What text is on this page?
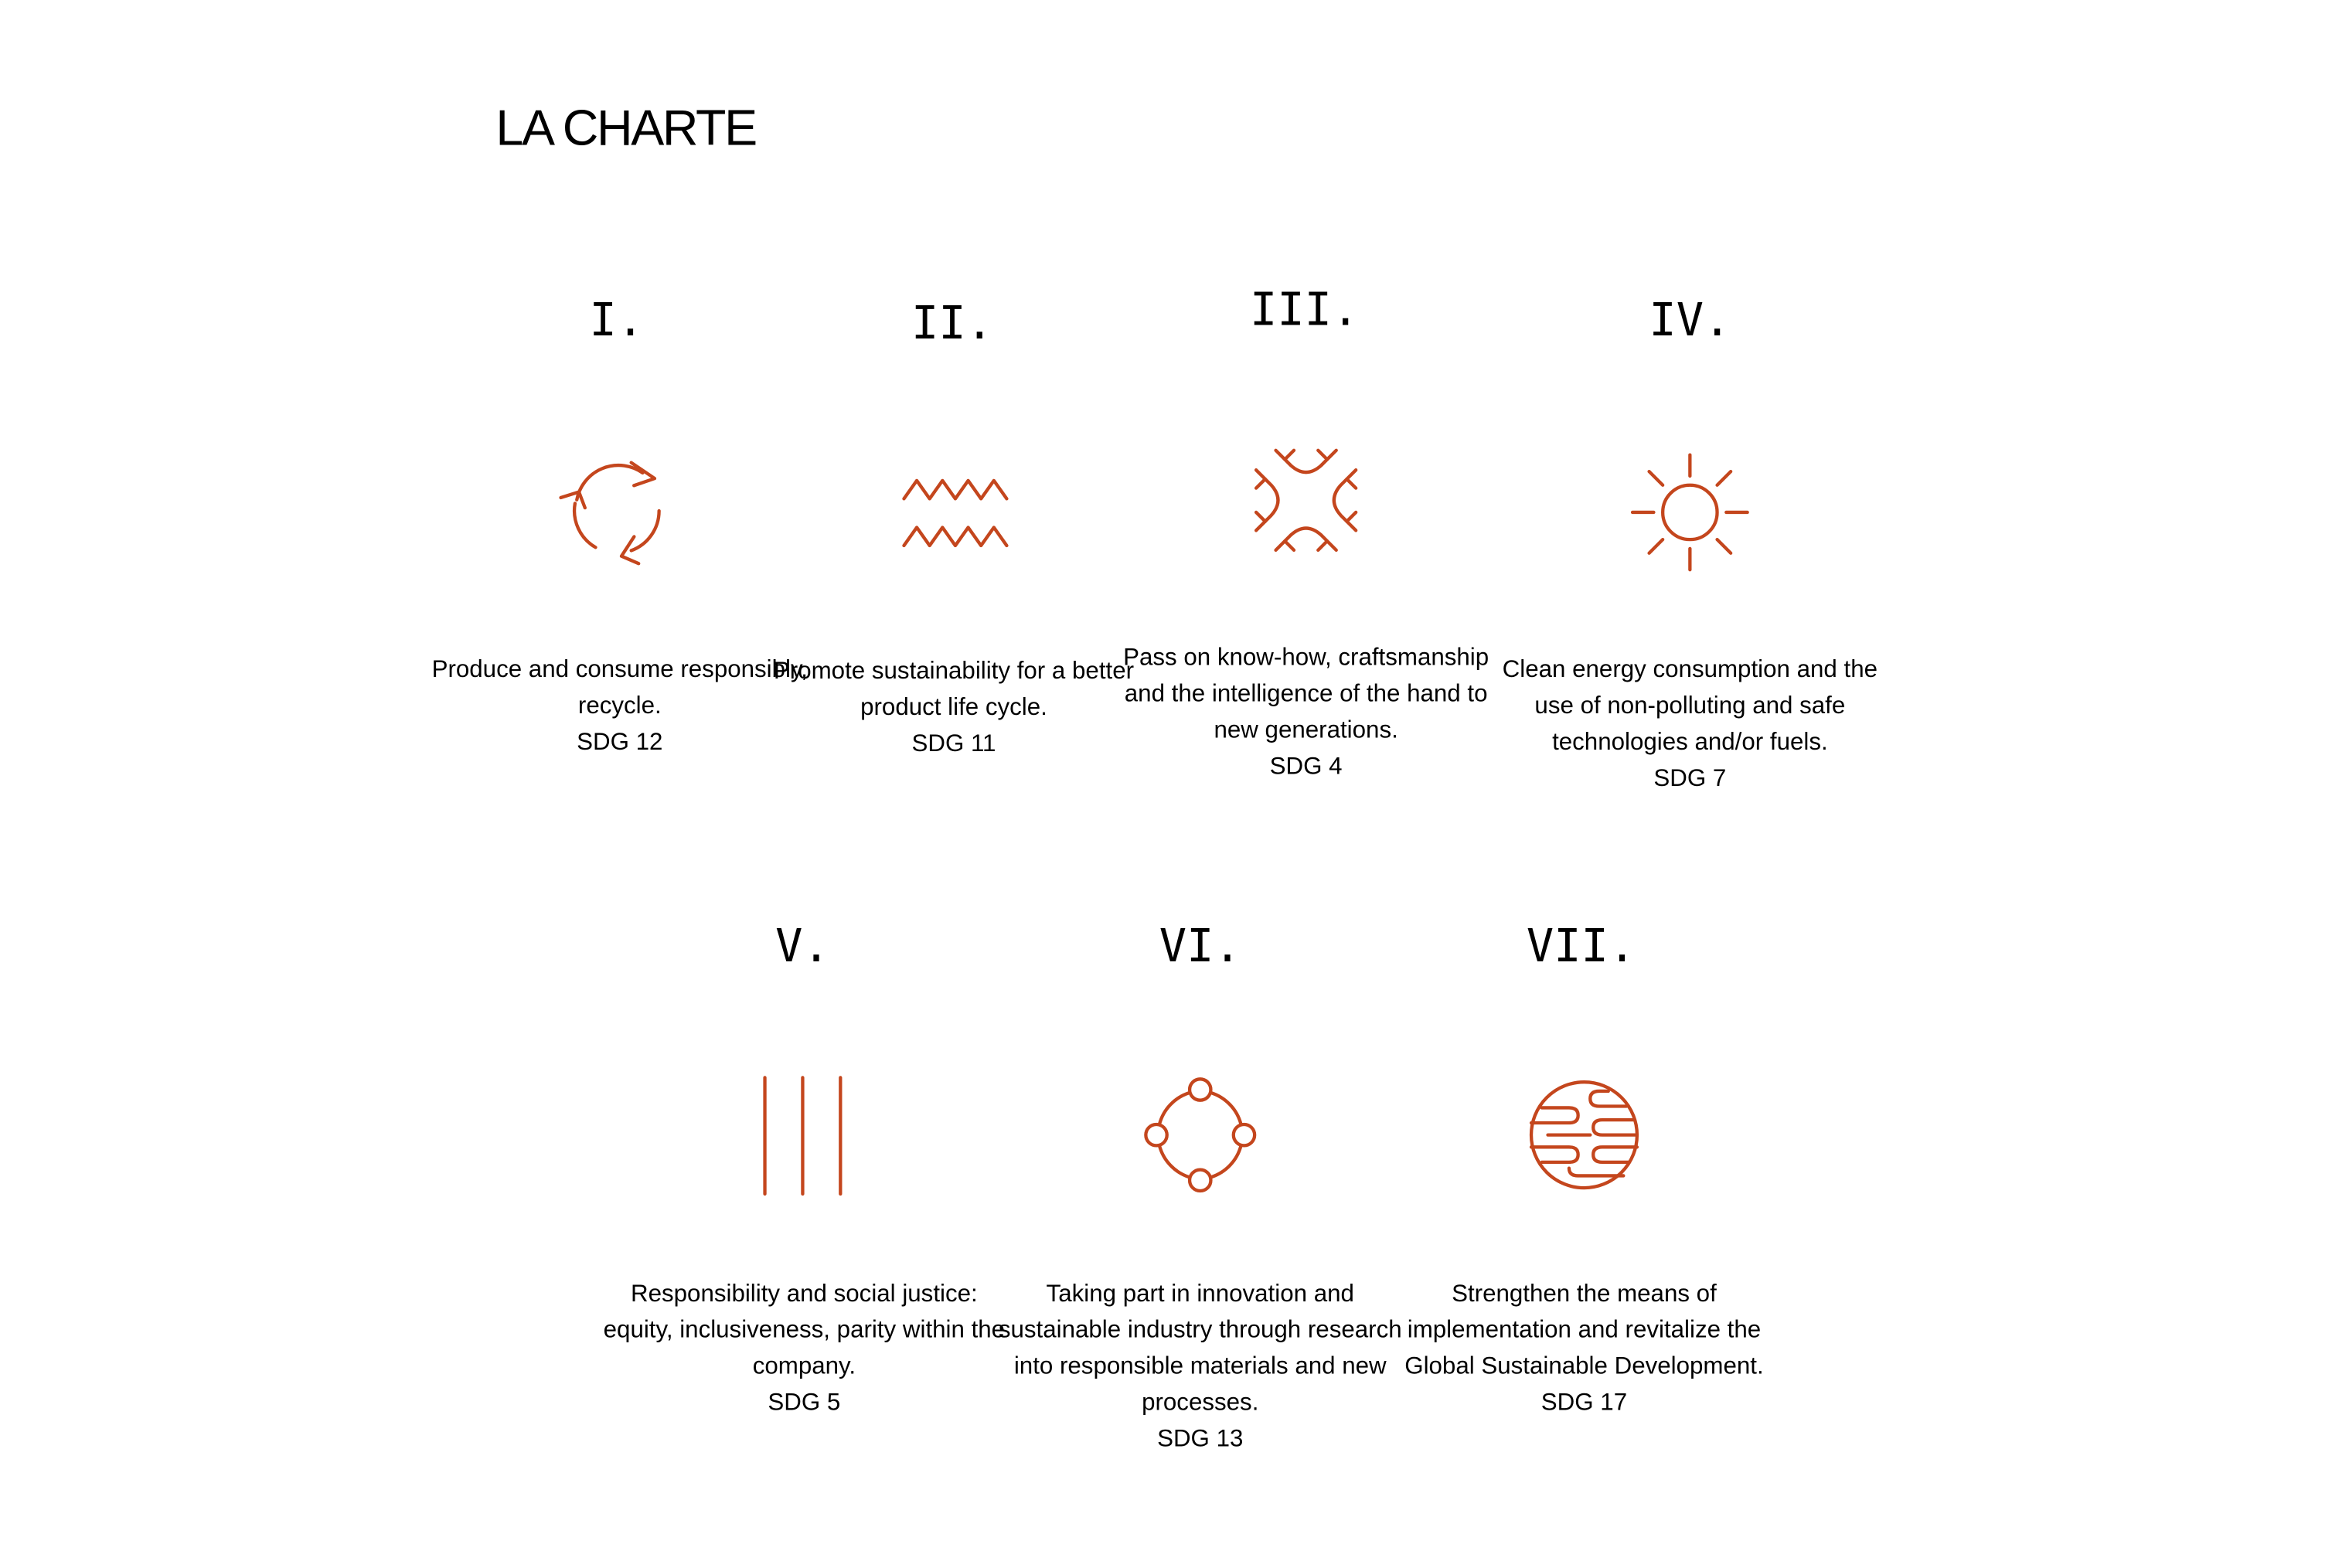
LA CHARTE
I.
Produce and consume responsibly, recycle.
SDG 12
II.
Promote sustainability for a better product life cycle.
SDG 11
III.
Pass on know-how, craftsmanship and the intelligence of the hand to new generations.
SDG 4
IV.
Clean energy consumption and the use of non-polluting and safe technologies and/or fuels.
SDG 7
V.
Responsibility and social justice: equity, inclusiveness, parity within the company.
SDG 5
VI.
Taking part in innovation and sustainable industry through research into responsible materials and new processes.
SDG 13
VII.
Strengthen the means of implementation and revitalize the Global Sustainable Development.
SDG 17
